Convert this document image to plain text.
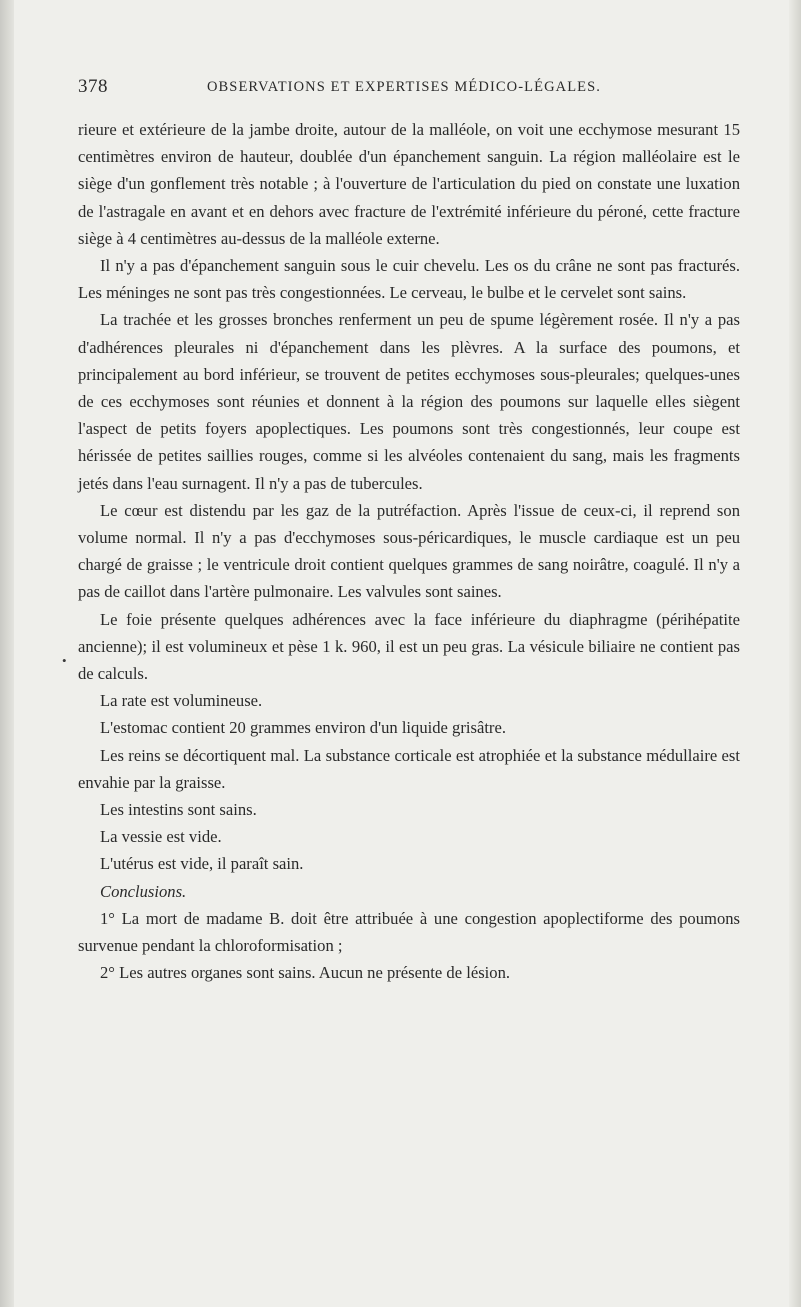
378	OBSERVATIONS ET EXPERTISES MÉDICO-LÉGALES.
•

rieure et extérieure de la jambe droite, autour de la malléole, on voit une ecchymose mesurant 15 centimètres environ de hauteur, doublée d'un épanchement sanguin. La région malléolaire est le siège d'un gonflement très notable ; à l'ouverture de l'articulation du pied on constate une luxation de l'astragale en avant et en dehors avec fracture de l'extrémité inférieure du péroné, cette fracture siège à 4 centimètres au-dessus de la malléole externe.

Il n'y a pas d'épanchement sanguin sous le cuir chevelu. Les os du crâne ne sont pas fracturés. Les méninges ne sont pas très congestionnées. Le cerveau, le bulbe et le cervelet sont sains.

La trachée et les grosses bronches renferment un peu de spume légèrement rosée. Il n'y a pas d'adhérences pleurales ni d'épanchement dans les plèvres. A la surface des poumons, et principalement au bord inférieur, se trouvent de petites ecchymoses sous-pleurales; quelques-unes de ces ecchymoses sont réunies et donnent à la région des poumons sur laquelle elles siègent l'aspect de petits foyers apoplectiques. Les poumons sont très congestionnés, leur coupe est hérissée de petites saillies rouges, comme si les alvéoles contenaient du sang, mais les fragments jetés dans l'eau surnagent. Il n'y a pas de tubercules.

Le cœur est distendu par les gaz de la putréfaction. Après l'issue de ceux-ci, il reprend son volume normal. Il n'y a pas d'ecchymoses sous-péricardiques, le muscle cardiaque est un peu chargé de graisse ; le ventricule droit contient quelques grammes de sang noirâtre, coagulé. Il n'y a pas de caillot dans l'artère pulmonaire. Les valvules sont saines.

Le foie présente quelques adhérences avec la face inférieure du diaphragme (périhépatite ancienne); il est volumineux et pèse 1 k. 960, il est un peu gras. La vésicule biliaire ne contient pas de calculs.

La rate est volumineuse.

L'estomac contient 20 grammes environ d'un liquide grisâtre.

Les reins se décortiquent mal. La substance corticale est atrophiée et la substance médullaire est envahie par la graisse.

Les intestins sont sains.

La vessie est vide.

L'utérus est vide, il paraît sain.

Conclusions.

1° La mort de madame B. doit être attribuée à une congestion apoplectiforme des poumons survenue pendant la chloroformisation ;

2° Les autres organes sont sains. Aucun ne présente de lésion.
